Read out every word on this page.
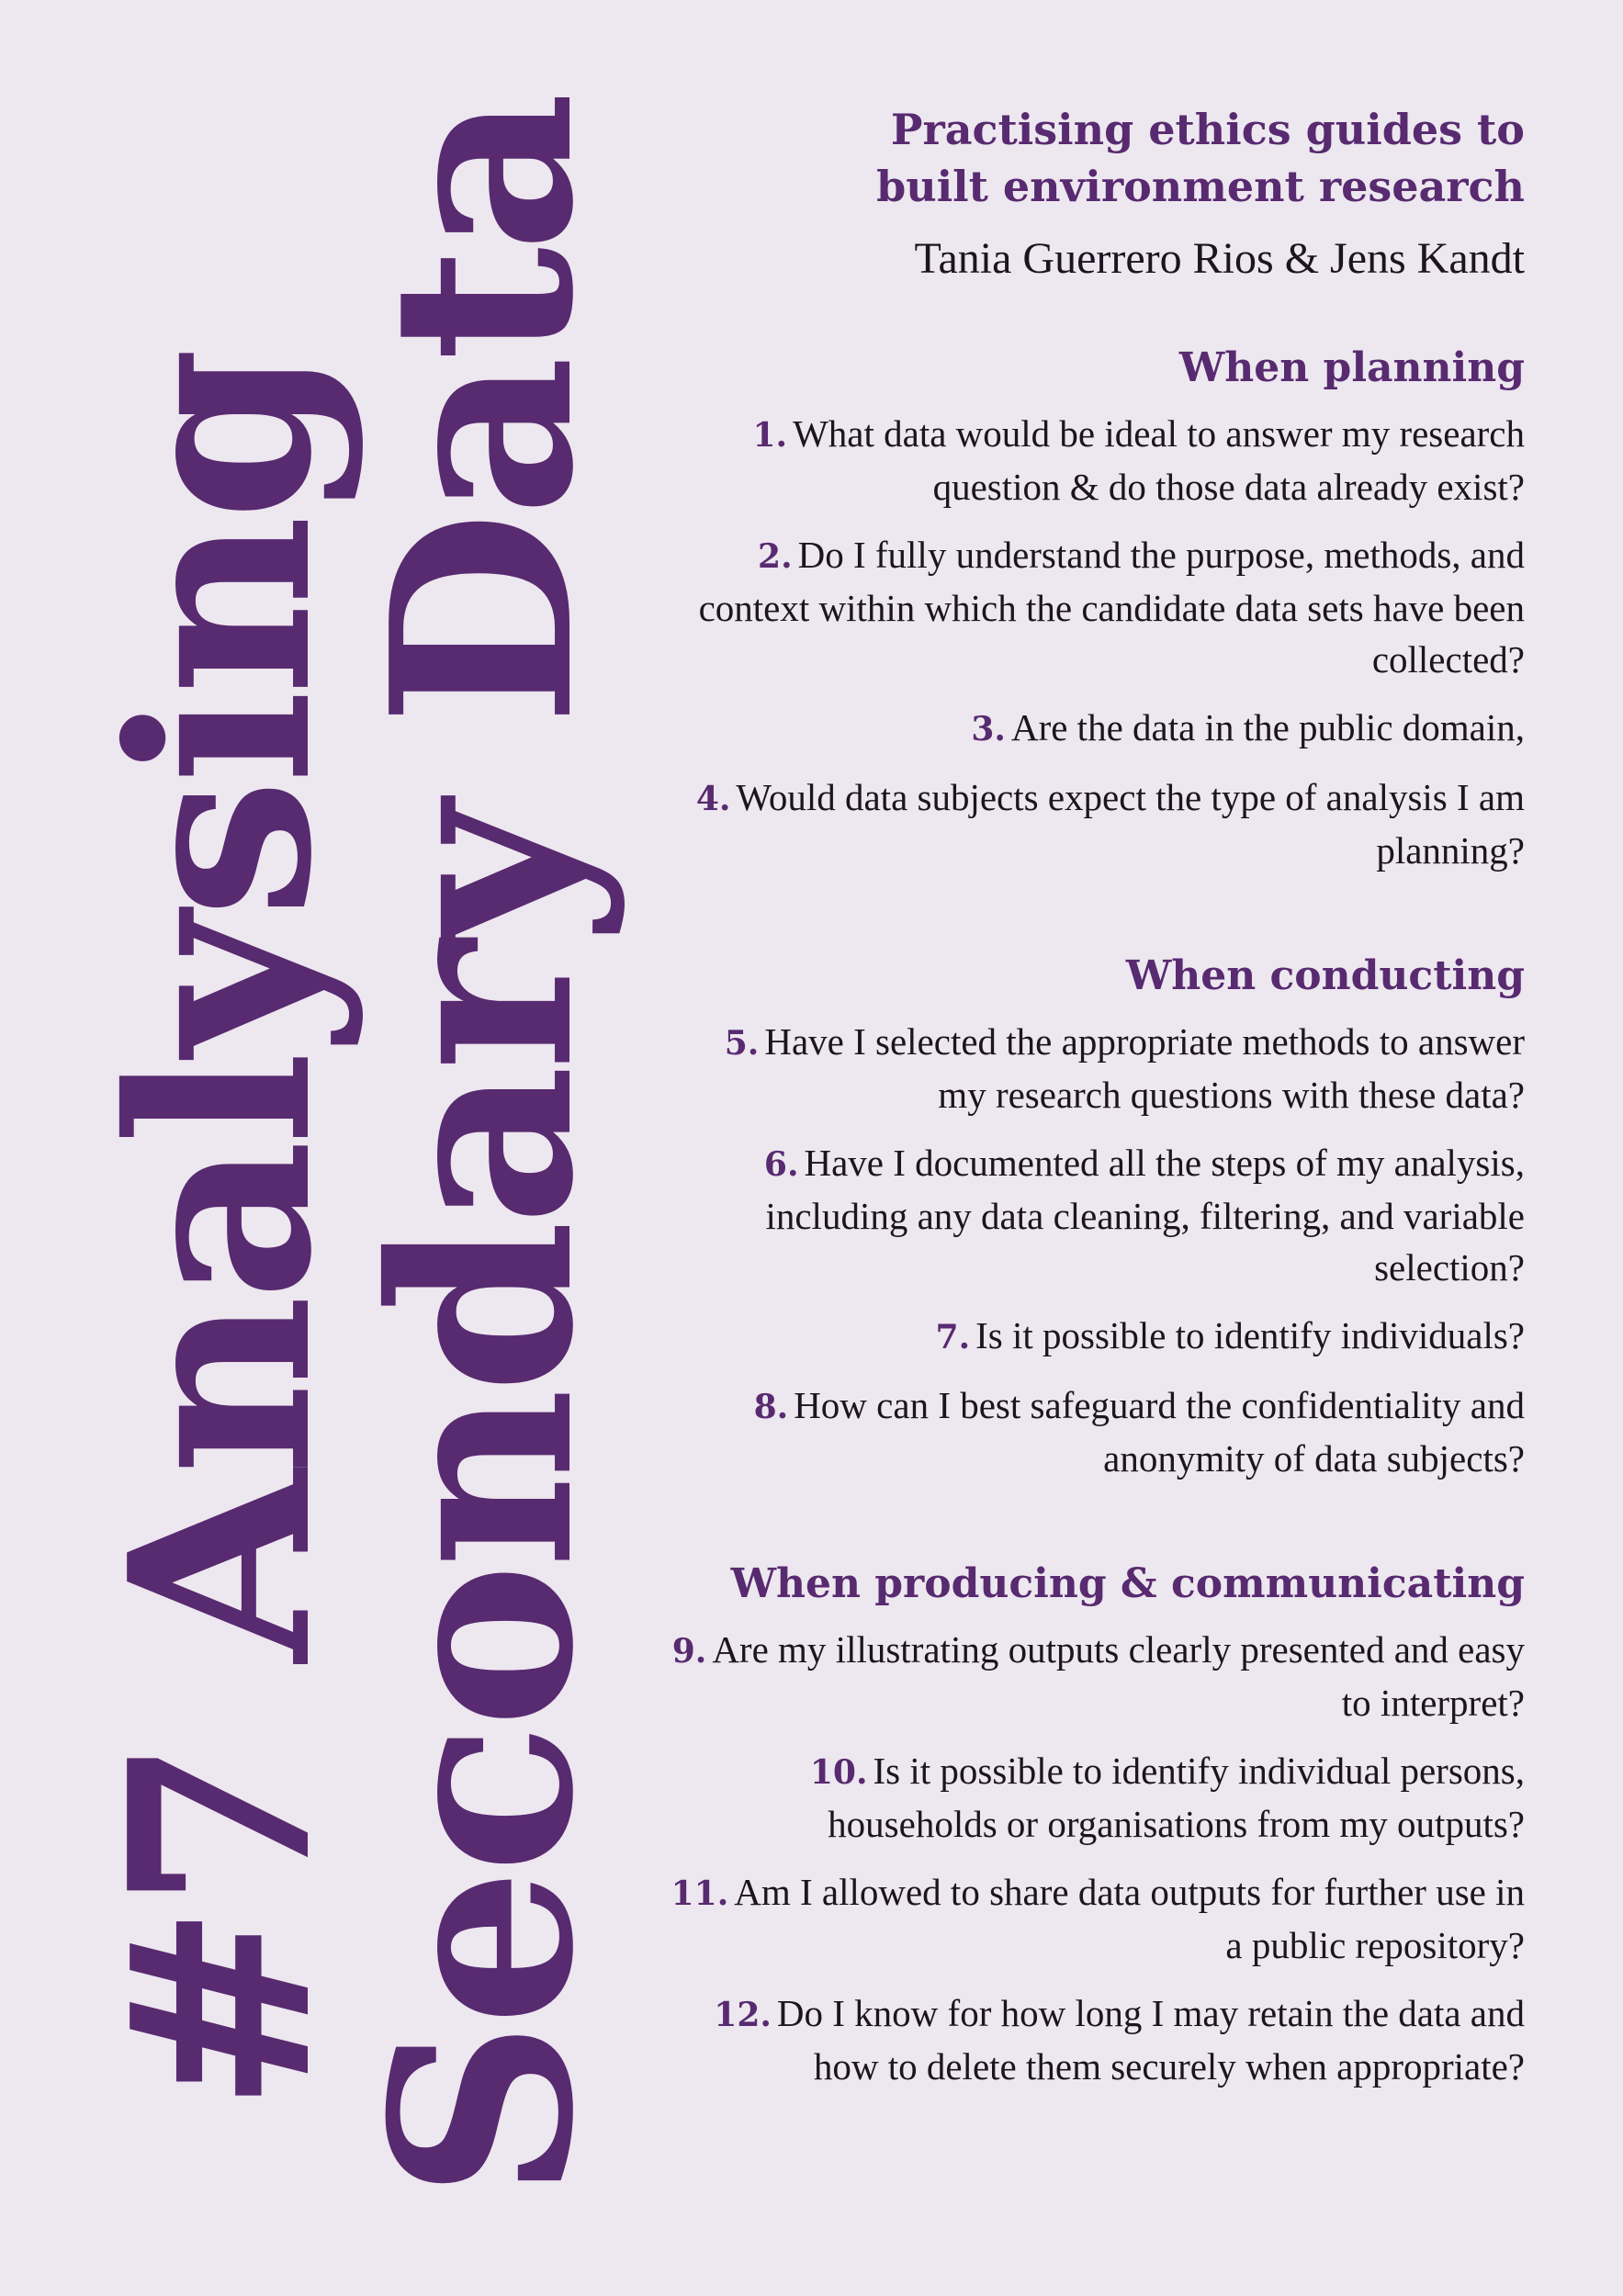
#7 Analysing
Secondary Data	Practising ethics guides to
built environment research

Tania Guerrero Rios & Jens Kandt

When planning

1. What data would be ideal to answer my research question & do those data already exist?

2. Do I fully understand the purpose, methods, and context within which the candidate data sets have been collected?

3. Are the data in the public domain,

4. Would data subjects expect the type of analysis I am planning?

When conducting

5. Have I selected the appropriate methods to answer my research questions with these data?

6. Have I documented all the steps of my analysis, including any data cleaning, filtering, and variable selection?

7. Is it possible to identify individuals?

8. How can I best safeguard the confidentiality and anonymity of data subjects?

When producing & communicating

9. Are my illustrating outputs clearly presented and easy to interpret?

10. Is it possible to identify individual persons, households or organisations from my outputs?

11. Am I allowed to share data outputs for further use in a public repository?

12. Do I know for how long I may retain the data and how to delete them securely when appropriate?
